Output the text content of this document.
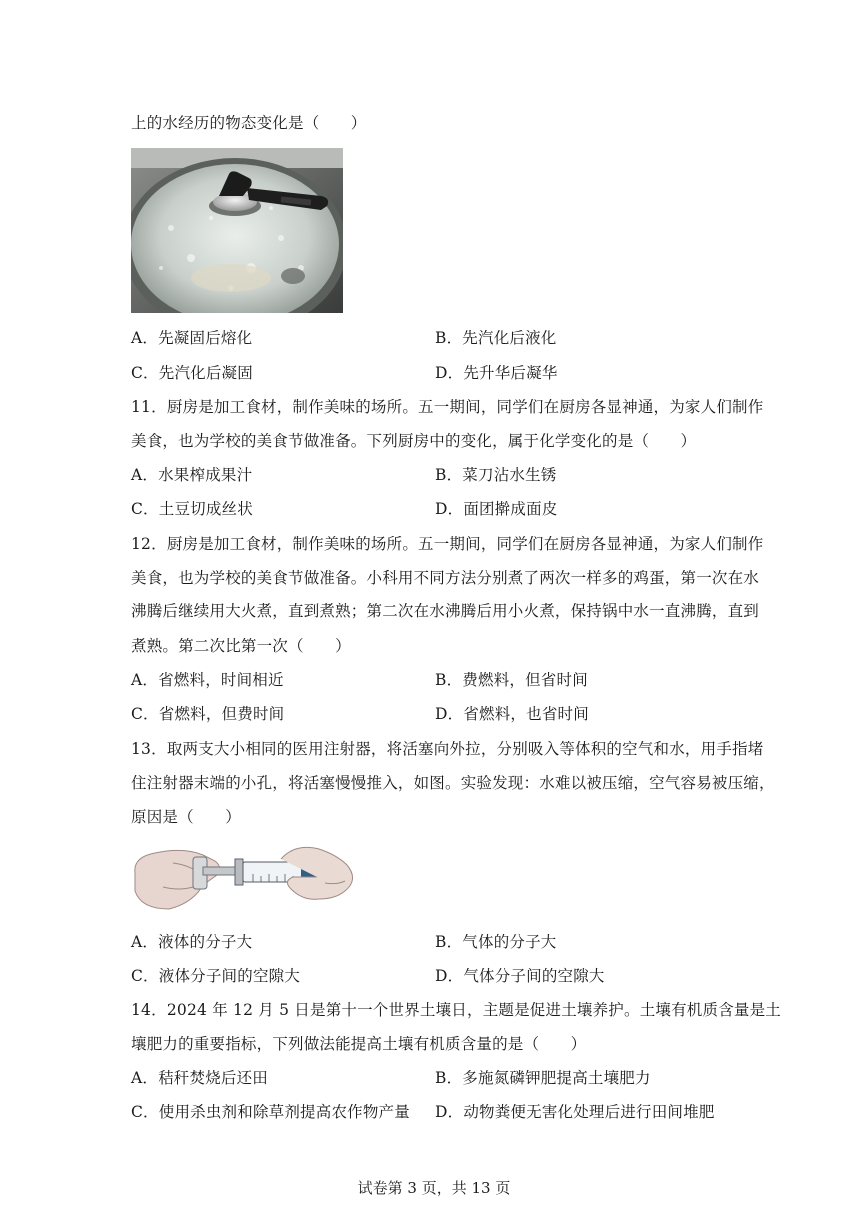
上的水经历的物态变化是（　　）
A．先凝固后熔化	B．先汽化后液化
C．先汽化后凝固	D．先升华后凝华
11．厨房是加工食材，制作美味的场所。五一期间，同学们在厨房各显神通，为家人们制作
美食，也为学校的美食节做准备。下列厨房中的变化，属于化学变化的是（　　）
A．水果榨成果汁	B．菜刀沾水生锈
C．土豆切成丝状	D．面团擀成面皮
12．厨房是加工食材，制作美味的场所。五一期间，同学们在厨房各显神通，为家人们制作
美食，也为学校的美食节做准备。小科用不同方法分别煮了两次一样多的鸡蛋，第一次在水
沸腾后继续用大火煮，直到煮熟；第二次在水沸腾后用小火煮，保持锅中水一直沸腾，直到
煮熟。第二次比第一次（　　）
A．省燃料，时间相近	B．费燃料，但省时间
C．省燃料，但费时间	D．省燃料，也省时间
13．取两支大小相同的医用注射器，将活塞向外拉，分别吸入等体积的空气和水，用手指堵
住注射器末端的小孔，将活塞慢慢推入，如图。实验发现：水难以被压缩，空气容易被压缩，
原因是（　　）
A．液体的分子大	B．气体的分子大
C．液体分子间的空隙大	D．气体分子间的空隙大
14．2024 年 12 月 5 日是第十一个世界土壤日，主题是促进土壤养护。土壤有机质含量是土
壤肥力的重要指标，下列做法能提高土壤有机质含量的是（　　）
A．秸秆焚烧后还田	B．多施氮磷钾肥提高土壤肥力
C．使用杀虫剂和除草剂提高农作物产量 D．动物粪便无害化处理后进行田间堆肥
试卷第 3 页，共 13 页
